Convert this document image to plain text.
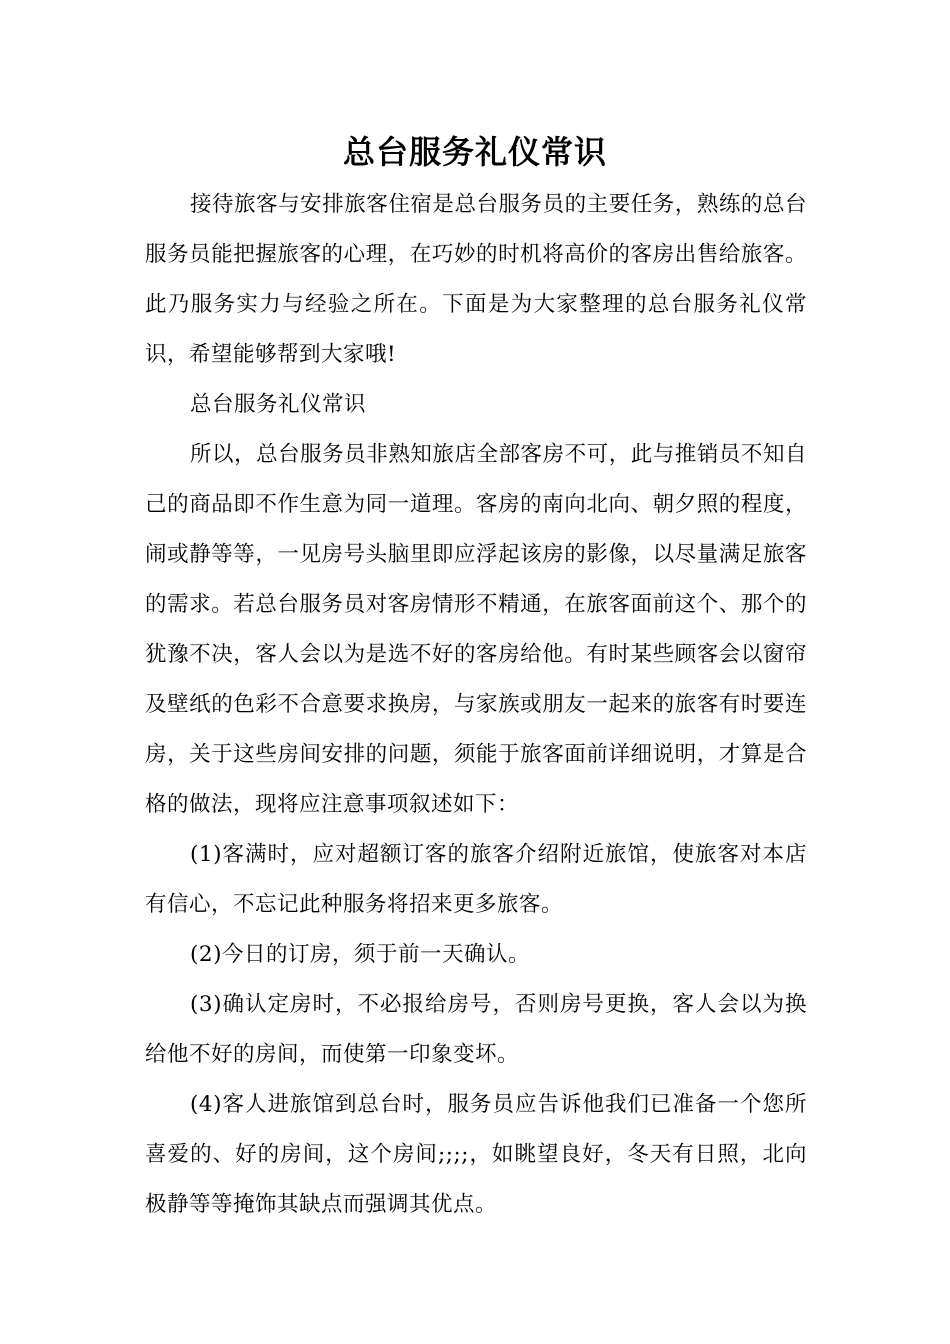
总台服务礼仪常识

接待旅客与安排旅客住宿是总台服务员的主要任务，熟练的总台服务员能把握旅客的心理，在巧妙的时机将高价的客房出售给旅客。此乃服务实力与经验之所在。下面是为大家整理的总台服务礼仪常识，希望能够帮到大家哦!

总台服务礼仪常识

所以，总台服务员非熟知旅店全部客房不可，此与推销员不知自己的商品即不作生意为同一道理。客房的南向北向、朝夕照的程度，闹或静等等，一见房号头脑里即应浮起该房的影像，以尽量满足旅客的需求。若总台服务员对客房情形不精通，在旅客面前这个、那个的犹豫不决，客人会以为是选不好的客房给他。有时某些顾客会以窗帘及壁纸的色彩不合意要求换房，与家族或朋友一起来的旅客有时要连房，关于这些房间安排的问题，须能于旅客面前详细说明，才算是合格的做法，现将应注意事项叙述如下：

(1)客满时，应对超额订客的旅客介绍附近旅馆，使旅客对本店有信心，不忘记此种服务将招来更多旅客。

(2)今日的订房，须于前一天确认。

(3)确认定房时，不必报给房号，否则房号更换，客人会以为换给他不好的房间，而使第一印象变坏。

(4)客人进旅馆到总台时，服务员应告诉他我们已准备一个您所喜爱的、好的房间，这个房间;;;;，如眺望良好，冬天有日照，北向极静等等掩饰其缺点而强调其优点。
